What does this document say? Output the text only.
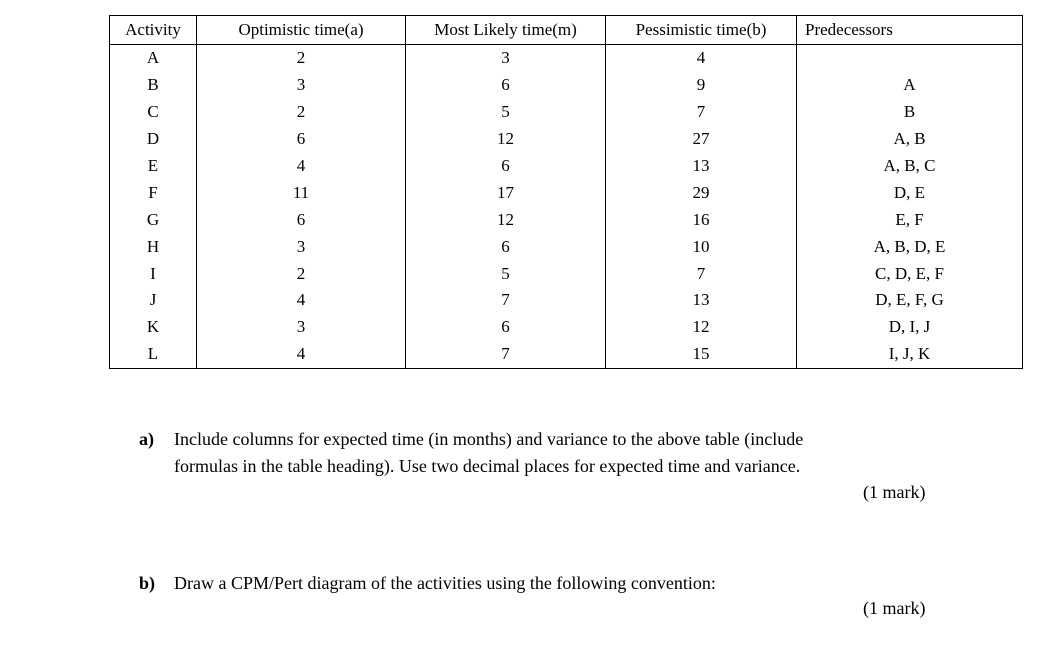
Activity	Optimistic time(a)	Most Likely time(m)	Pessimistic time(b)	Predecessors
A	2	3	4	
B	3	6	9	A
C	2	5	7	B
D	6	12	27	A, B
E	4	6	13	A, B, C
F	11	17	29	D, E
G	6	12	16	E, F
H	3	6	10	A, B, D, E
I	2	5	7	C, D, E, F
J	4	7	13	D, E, F, G
K	3	6	12	D, I, J
L	4	7	15	I, J, K
a) Include columns for expected time (in months) and variance to the above table (include
formulas in the table heading). Use two decimal places for expected time and variance.
(1 mark)
b) Draw a CPM/Pert diagram of the activities using the following convention:
(1 mark)
